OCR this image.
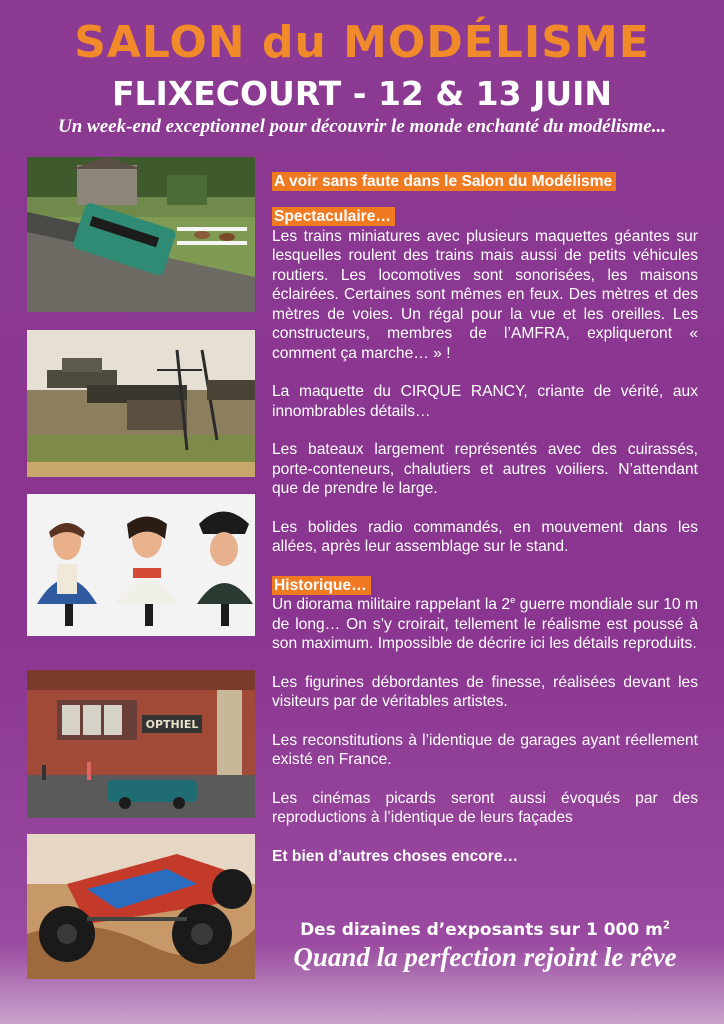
SALON du MODÉLISME
FLIXECOURT - 12 & 13 JUIN
Un week-end exceptionnel pour découvrir le monde enchanté du modélisme...
OPTHIEL
A voir sans faute dans le Salon du Modélisme
Spectaculaire…

Les trains miniatures avec plusieurs maquettes géantes sur lesquelles roulent des trains mais aussi de petits véhicules routiers. Les locomotives sont sonorisées, les maisons éclairées. Certaines sont mêmes en feux. Des mètres et des mètres de voies. Un régal pour la vue et les oreilles. Les constructeurs, membres de l’AMFRA, expliqueront « comment ça marche… » !

La maquette du CIRQUE RANCY, criante de vérité, aux innombrables détails…

Les bateaux largement représentés avec des cuirassés, porte-conteneurs, chalutiers et autres voiliers. N’attendant que de prendre le large.

Les bolides radio commandés, en mouvement dans les allées, après leur assemblage sur le stand.

Historique…

Un diorama militaire rappelant la 2e guerre mondiale sur 10 m de long… On s’y croirait, tellement le réalisme est poussé à son maximum. Impossible de décrire ici les détails reproduits.

Les figurines débordantes de finesse, réalisées devant les visiteurs par de véritables artistes.

Les reconstitutions à l’identique de garages ayant réellement existé en France.

Les cinémas picards seront aussi évoqués par des reproductions à l’identique de leurs façades

Et bien d’autres choses encore…

Des dizaines d’exposants sur 1 000 $m^2$
Quand la perfection rejoint le rêve
